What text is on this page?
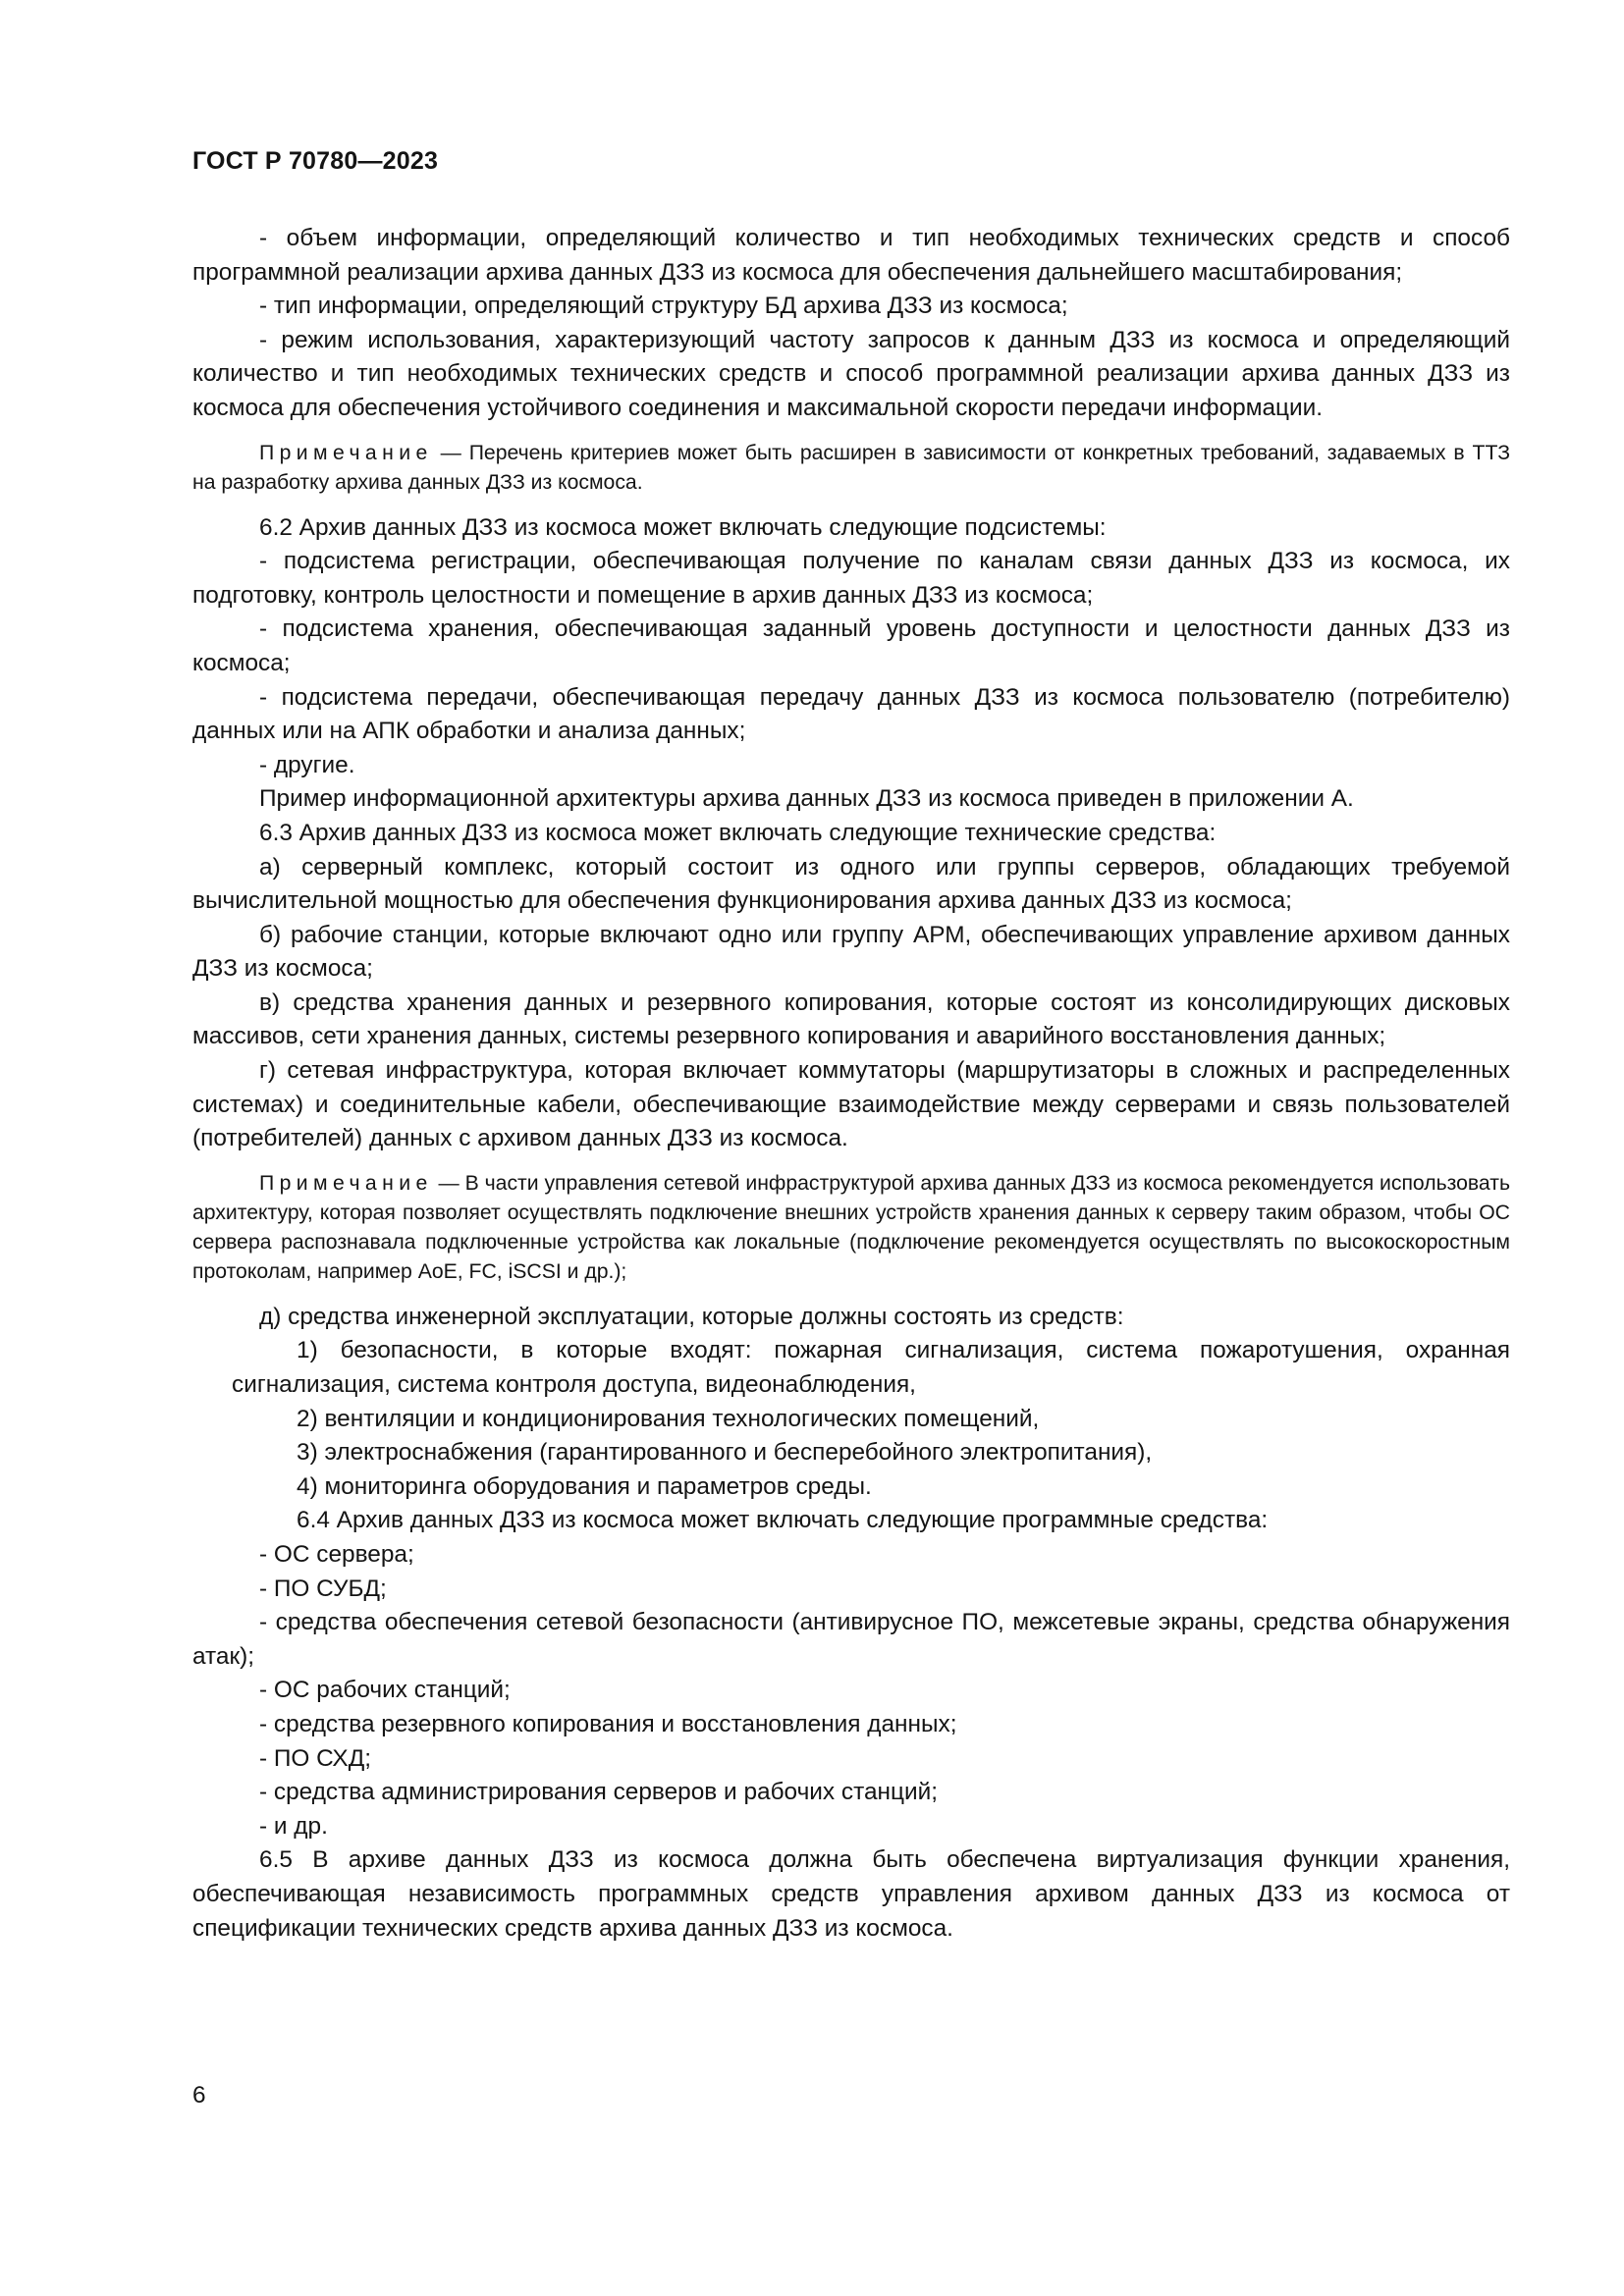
ГОСТ Р 70780—2023

- объем информации, определяющий количество и тип необходимых технических средств и способ программной реализации архива данных ДЗЗ из космоса для обеспечения дальнейшего масштабирования;

- тип информации, определяющий структуру БД архива ДЗЗ из космоса;

- режим использования, характеризующий частоту запросов к данным ДЗЗ из космоса и определяющий количество и тип необходимых технических средств и способ программной реализации архива данных ДЗЗ из космоса для обеспечения устойчивого соединения и максимальной скорости передачи информации.

Примечание — Перечень критериев может быть расширен в зависимости от конкретных требований, задаваемых в ТТЗ на разработку архива данных ДЗЗ из космоса.

6.2 Архив данных ДЗЗ из космоса может включать следующие подсистемы:

- подсистема регистрации, обеспечивающая получение по каналам связи данных ДЗЗ из космоса, их подготовку, контроль целостности и помещение в архив данных ДЗЗ из космоса;

- подсистема хранения, обеспечивающая заданный уровень доступности и целостности данных ДЗЗ из космоса;

- подсистема передачи, обеспечивающая передачу данных ДЗЗ из космоса пользователю (потребителю) данных или на АПК обработки и анализа данных;

- другие.

Пример информационной архитектуры архива данных ДЗЗ из космоса приведен в приложении А.

6.3 Архив данных ДЗЗ из космоса может включать следующие технические средства:

а) серверный комплекс, который состоит из одного или группы серверов, обладающих требуемой вычислительной мощностью для обеспечения функционирования архива данных ДЗЗ из космоса;

б) рабочие станции, которые включают одно или группу АРМ, обеспечивающих управление архивом данных ДЗЗ из космоса;

в) средства хранения данных и резервного копирования, которые состоят из консолидирующих дисковых массивов, сети хранения данных, системы резервного копирования и аварийного восстановления данных;

г) сетевая инфраструктура, которая включает коммутаторы (маршрутизаторы в сложных и распределенных системах) и соединительные кабели, обеспечивающие взаимодействие между серверами и связь пользователей (потребителей) данных с архивом данных ДЗЗ из космоса.

Примечание — В части управления сетевой инфраструктурой архива данных ДЗЗ из космоса рекомендуется использовать архитектуру, которая позволяет осуществлять подключение внешних устройств хранения данных к серверу таким образом, чтобы ОС сервера распознавала подключенные устройства как локальные (подключение рекомендуется осуществлять по высокоскоростным протоколам, например АоЕ, FC, iSCSI и др.);

д) средства инженерной эксплуатации, которые должны состоять из средств:

1) безопасности, в которые входят: пожарная сигнализация, система пожаротушения, охранная сигнализация, система контроля доступа, видеонаблюдения,

2) вентиляции и кондиционирования технологических помещений,

3) электроснабжения (гарантированного и бесперебойного электропитания),

4) мониторинга оборудования и параметров среды.

6.4 Архив данных ДЗЗ из космоса может включать следующие программные средства:

- ОС сервера;

- ПО СУБД;

- средства обеспечения сетевой безопасности (антивирусное ПО, межсетевые экраны, средства обнаружения атак);

- ОС рабочих станций;

- средства резервного копирования и восстановления данных;

- ПО СХД;

- средства администрирования серверов и рабочих станций;

- и др.

6.5 В архиве данных ДЗЗ из космоса должна быть обеспечена виртуализация функции хранения, обеспечивающая независимость программных средств управления архивом данных ДЗЗ из космоса от спецификации технических средств архива данных ДЗЗ из космоса.

6
